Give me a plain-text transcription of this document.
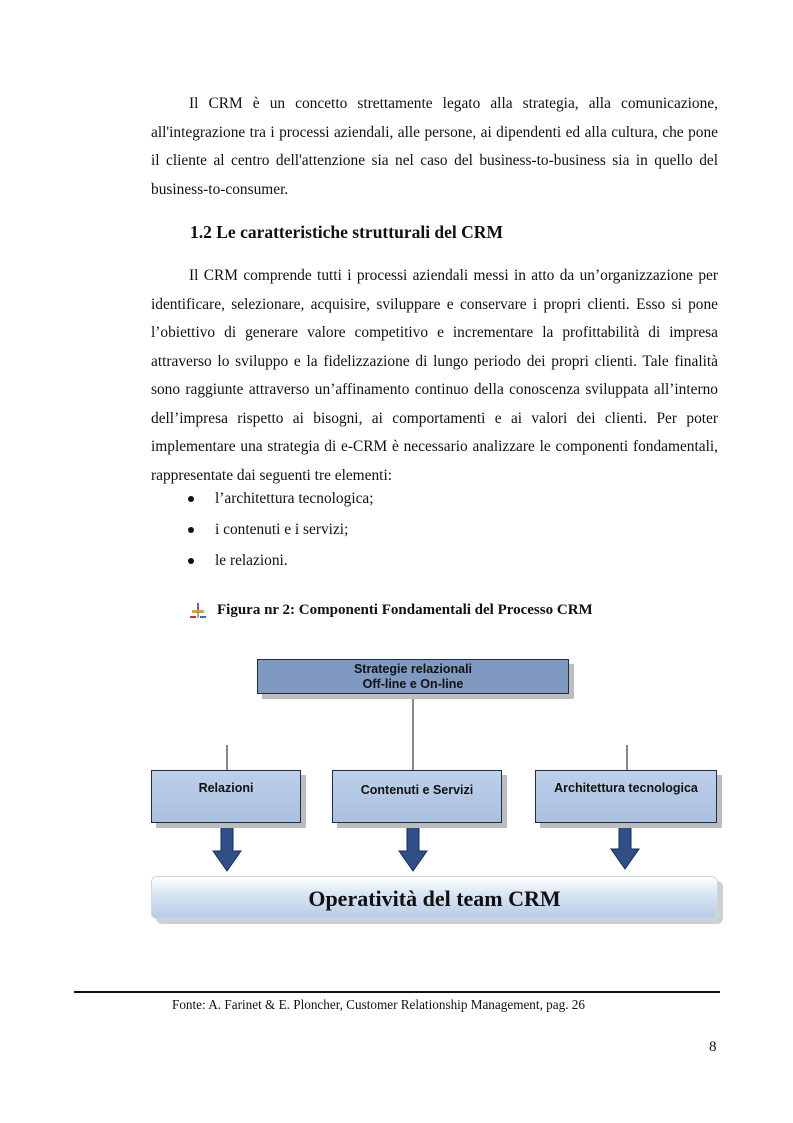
Il CRM è un concetto strettamente legato alla strategia, alla comunicazione, all'integrazione tra i processi aziendali, alle persone, ai dipendenti ed alla cultura, che pone il cliente al centro dell'attenzione sia nel caso del business-to-business sia in quello del business-to-consumer.

1.2 Le caratteristiche strutturali del CRM

Il CRM comprende tutti i processi aziendali messi in atto da un’organizzazione per identificare, selezionare, acquisire, sviluppare e conservare i propri clienti. Esso si pone l’obiettivo di generare valore competitivo e incrementare la profittabilità di impresa attraverso lo sviluppo e la fidelizzazione di lungo periodo dei propri clienti. Tale finalità sono raggiunte attraverso un’affinamento continuo della conoscenza sviluppata all’interno dell’impresa rispetto ai bisogni, ai comportamenti e ai valori dei clienti. Per poter implementare una strategia di e-CRM è necessario analizzare le componenti fondamentali, rappresentate dai seguenti tre elementi:

l’architettura tecnologica;
i contenuti e i servizi;
le relazioni.
Figura nr 2: Componenti Fondamentali del Processo CRM
Strategie relazionali
Off-line e On-line
Relazioni	Contenuti e Servizi	Architettura tecnologica
Operatività del team CRM
Fonte: A. Farinet & E. Ploncher, Customer Relationship Management, pag. 26
8
